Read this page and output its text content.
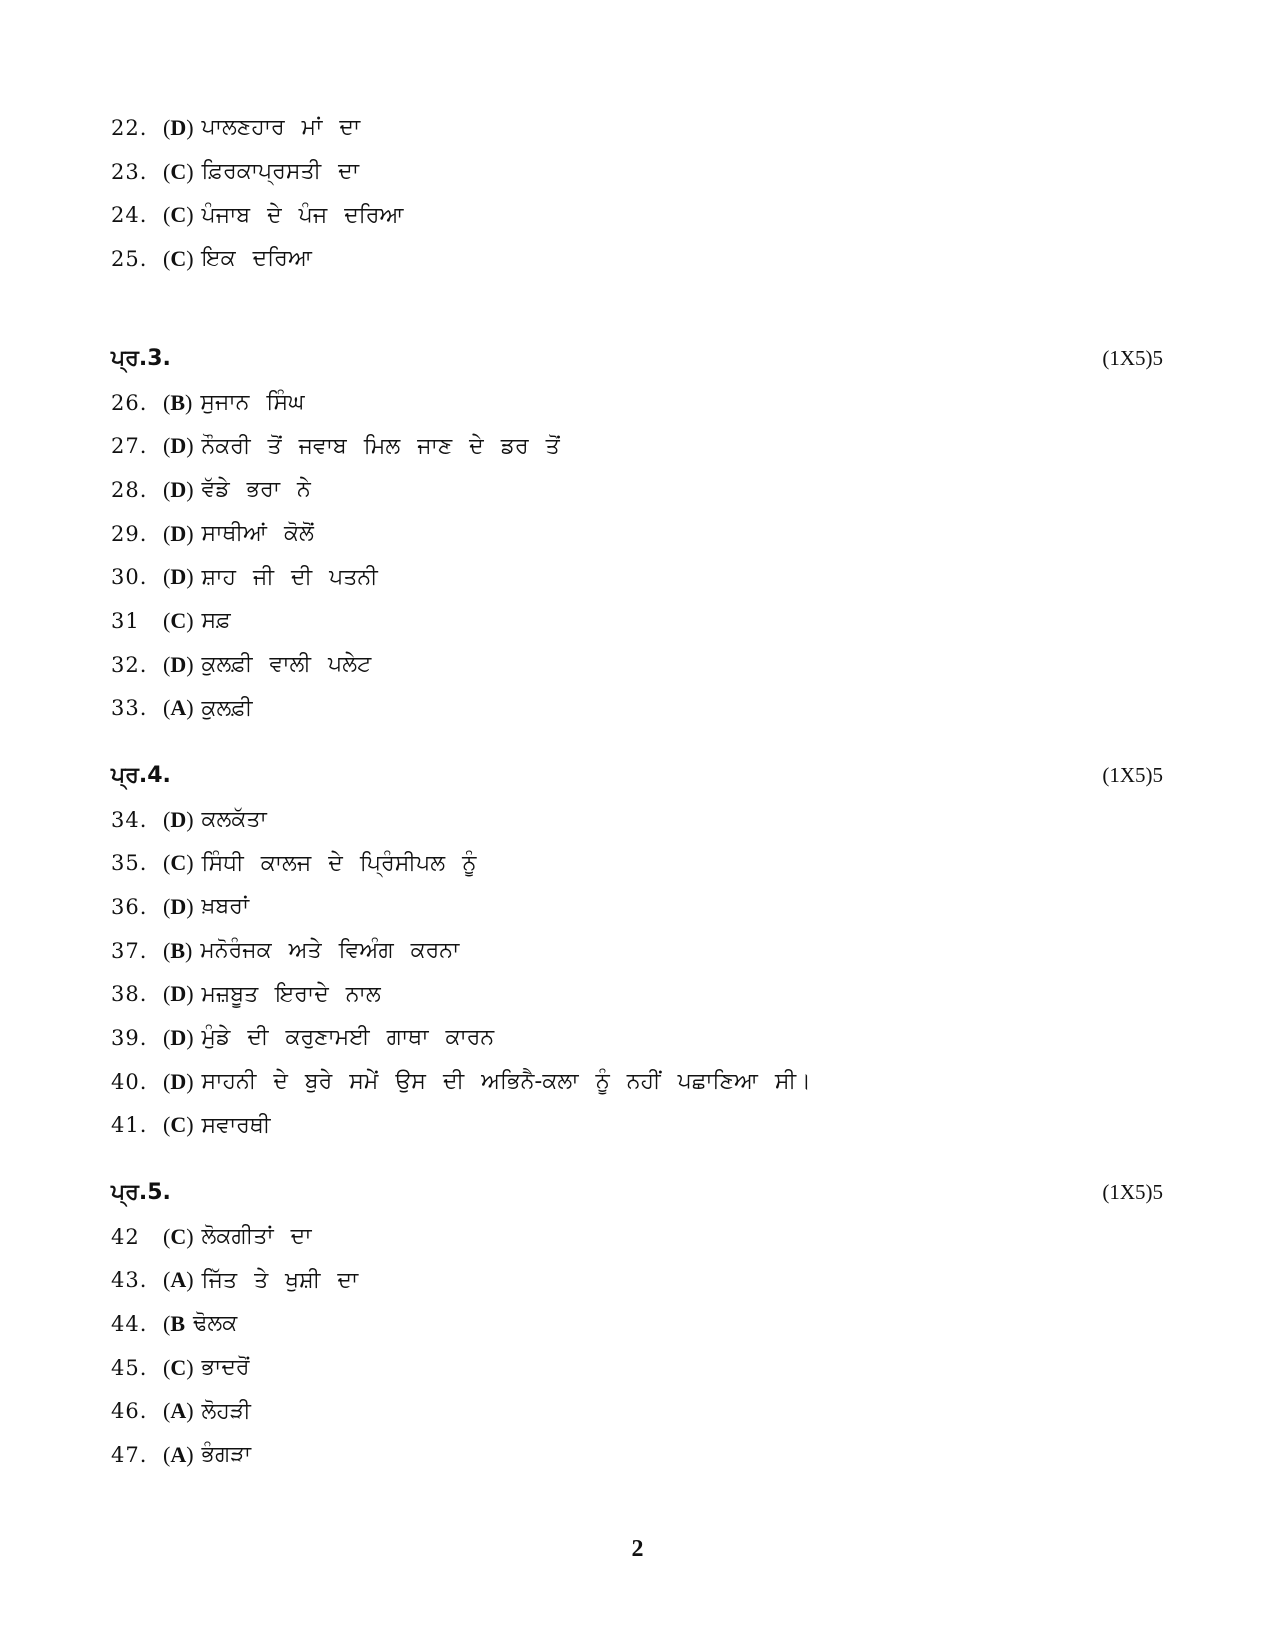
22. (D) ਪਾਲਣਹਾਰ ਮਾਂ ਦਾ
23. (C) ਫ਼ਿਰਕਾਪ੍ਰਸਤੀ ਦਾ
24. (C) ਪੰਜਾਬ ਦੇ ਪੰਜ ਦਰਿਆ
25. (C) ਇਕ ਦਰਿਆ
ਪ੍ਰ.3.	(1X5)5
26. (B) ਸੁਜਾਨ ਸਿੰਘ
27. (D) ਨੌਕਰੀ ਤੋਂ ਜਵਾਬ ਮਿਲ ਜਾਣ ਦੇ ਡਰ ਤੋਂ
28. (D) ਵੱਡੇ ਭਰਾ ਨੇ
29. (D) ਸਾਥੀਆਂ ਕੋਲੋਂ
30. (D) ਸ਼ਾਹ ਜੀ ਦੀ ਪਤਨੀ
31	(C) ਸਫ਼
32. (D) ਕੁਲਫ਼ੀ ਵਾਲੀ ਪਲੇਟ
33. (A) ਕੁਲਫ਼ੀ
ਪ੍ਰ.4.	(1X5)5
34. (D) ਕਲਕੱਤਾ
35. (C) ਸਿੰਧੀ ਕਾਲਜ ਦੇ ਪ੍ਰਿੰਸੀਪਲ ਨੂੰ
36. (D) ਖ਼ਬਰਾਂ
37. (B) ਮਨੋਰੰਜਕ ਅਤੇ ਵਿਅੰਗ ਕਰਨਾ
38. (D) ਮਜ਼ਬੂਤ ਇਰਾਦੇ ਨਾਲ
39. (D) ਮੁੰਡੇ ਦੀ ਕਰੁਣਾਮਈ ਗਾਥਾ ਕਾਰਨ
40. (D) ਸਾਹਨੀ ਦੇ ਬੁਰੇ ਸਮੇਂ ਉਸ ਦੀ ਅਭਿਨੈ-ਕਲਾ ਨੂੰ ਨਹੀਂ ਪਛਾਣਿਆ ਸੀ।
41. (C) ਸਵਾਰਥੀ
ਪ੍ਰ.5.	(1X5)5
42	(C) ਲੋਕਗੀਤਾਂ ਦਾ
43. (A) ਜਿੱਤ ਤੇ ਖੁਸ਼ੀ ਦਾ
44. (B ਢੋਲਕ
45. (C) ਭਾਦਰੋਂ
46. (A) ਲੋਹੜੀ
47. (A) ਭੰਗੜਾ
2
